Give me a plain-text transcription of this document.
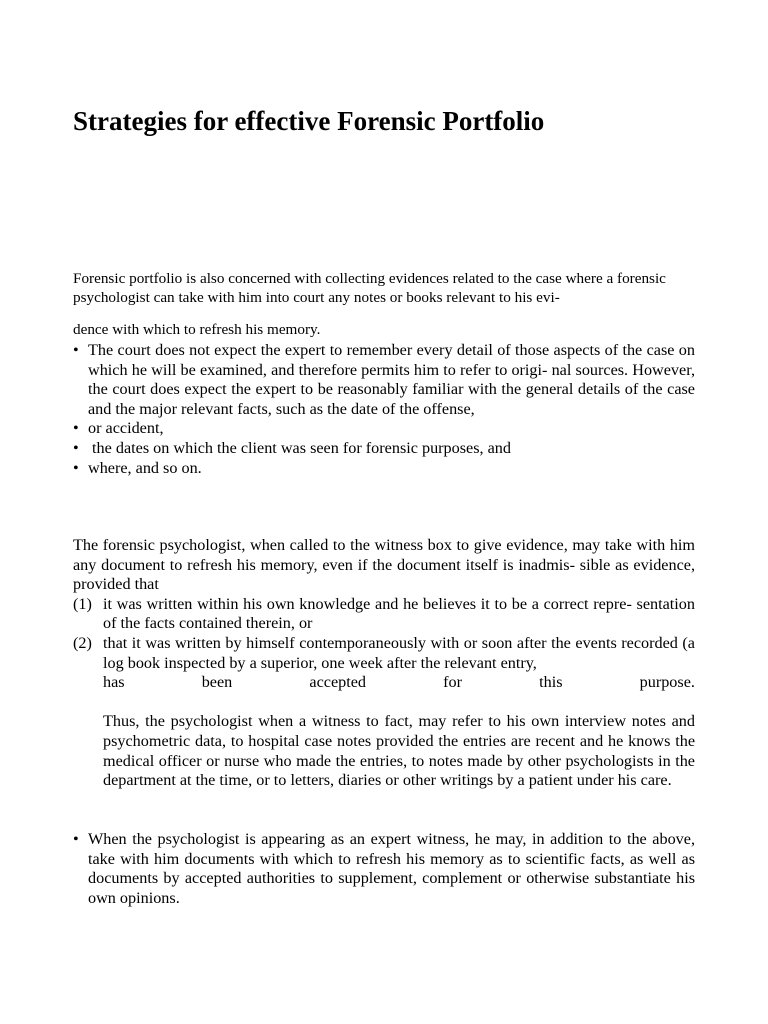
Strategies for effective Forensic Portfolio

Forensic portfolio is also concerned with collecting evidences related to the case where a forensic psychologist can take with him into court any notes or books relevant to his evi-

dence with which to refresh his memory.

• The court does not expect the expert to remember every detail of those aspects of the case on which he will be examined, and therefore permits him to refer to origi- nal sources. However, the court does expect the expert to be reasonably familiar with the general details of the case and the major relevant facts, such as the date of the offense,
• or accident,
• the dates on which the client was seen for forensic purposes, and
• where, and so on.

The forensic psychologist, when called to the witness box to give evidence, may take with him any document to refresh his memory, even if the document itself is inadmis- sible as evidence, provided that

(1) it was written within his own knowledge and he believes it to be a correct repre- sentation of the facts contained therein, or
(2) that it was written by himself contemporaneously with or soon after the events recorded (a log book inspected by a superior, one week after the relevant entry,
has	been	accepted	for	this	purpose.
Thus, the psychologist when a witness to fact, may refer to his own interview notes and psychometric data, to hospital case notes provided the entries are recent and he knows the medical officer or nurse who made the entries, to notes made by other psychologists in the department at the time, or to letters, diaries or other writings by a patient under his care.
• When the psychologist is appearing as an expert witness, he may, in addition to the above, take with him documents with which to refresh his memory as to scientific facts, as well as documents by accepted authorities to supplement, complement or otherwise substantiate his own opinions.
